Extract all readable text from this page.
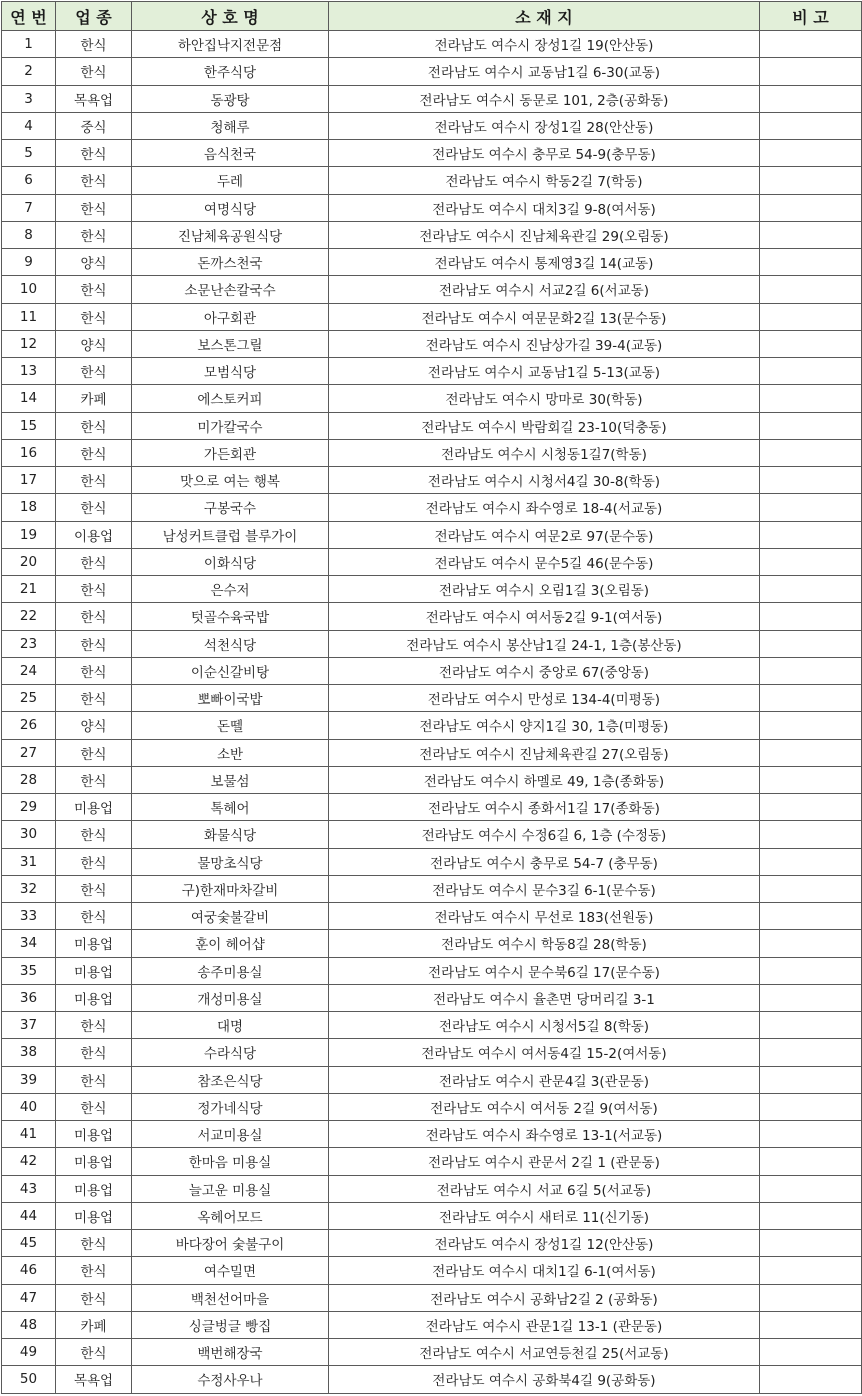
연 번	업 종	상 호 명	소 재 지	비 고
1	한식	하안집낙지전문점	전라남도 여수시 장성1길 19(안산동)	
2	한식	한주식당	전라남도 여수시 교동남1길 6-30(교동)	
3	목욕업	동광탕	전라남도 여수시 동문로 101, 2층(공화동)	
4	중식	청해루	전라남도 여수시 장성1길 28(안산동)	
5	한식	음식천국	전라남도 여수시 충무로 54-9(충무동)	
6	한식	두레	전라남도 여수시 학동2길 7(학동)	
7	한식	여명식당	전라남도 여수시 대치3길 9-8(여서동)	
8	한식	진남체육공원식당	전라남도 여수시 진남체육관길 29(오림동)	
9	양식	돈까스천국	전라남도 여수시 통제영3길 14(교동)	
10	한식	소문난손칼국수	전라남도 여수시 서교2길 6(서교동)	
11	한식	아구회관	전라남도 여수시 여문문화2길 13(문수동)	
12	양식	보스톤그릴	전라남도 여수시 진남상가길 39-4(교동)	
13	한식	모범식당	전라남도 여수시 교동남1길 5-13(교동)	
14	카페	에스토커피	전라남도 여수시 망마로 30(학동)	
15	한식	미가칼국수	전라남도 여수시 박람회길 23-10(덕충동)	
16	한식	가든회관	전라남도 여수시 시청동1길7(학동)	
17	한식	맛으로 여는 행복	전라남도 여수시 시청서4길 30-8(학동)	
18	한식	구봉국수	전라남도 여수시 좌수영로 18-4(서교동)	
19	이용업	남성커트클럽 블루가이	전라남도 여수시 여문2로 97(문수동)	
20	한식	이화식당	전라남도 여수시 문수5길 46(문수동)	
21	한식	은수저	전라남도 여수시 오림1길 3(오림동)	
22	한식	텃골수육국밥	전라남도 여수시 여서동2길 9-1(여서동)	
23	한식	석천식당	전라남도 여수시 봉산남1길 24-1, 1층(봉산동)	
24	한식	이순신갈비탕	전라남도 여수시 중앙로 67(중앙동)	
25	한식	뽀빠이국밥	전라남도 여수시 만성로 134-4(미평동)	
26	양식	돈뗄	전라남도 여수시 양지1길 30, 1층(미평동)	
27	한식	소반	전라남도 여수시 진남체육관길 27(오림동)	
28	한식	보물섬	전라남도 여수시 하멜로 49, 1층(종화동)	
29	미용업	톡헤어	전라남도 여수시 종화서1길 17(종화동)	
30	한식	화물식당	전라남도 여수시 수정6길 6, 1층 (수정동)	
31	한식	물망초식당	전라남도 여수시 충무로 54-7 (충무동)	
32	한식	구)한재마차갈비	전라남도 여수시 문수3길 6-1(문수동)	
33	한식	여궁숯불갈비	전라남도 여수시 무선로 183(선원동)	
34	미용업	훈이 헤어샵	전라남도 여수시 학동8길 28(학동)	
35	미용업	송주미용실	전라남도 여수시 문수북6길 17(문수동)	
36	미용업	개성미용실	전라남도 여수시 율촌면 당머리길 3-1	
37	한식	대명	전라남도 여수시 시청서5길 8(학동)	
38	한식	수라식당	전라남도 여수시 여서동4길 15-2(여서동)	
39	한식	참조은식당	전라남도 여수시 관문4길 3(관문동)	
40	한식	정가네식당	전라남도 여수시 여서동 2길 9(여서동)	
41	미용업	서교미용실	전라남도 여수시 좌수영로 13-1(서교동)	
42	미용업	한마음 미용실	전라남도 여수시 관문서 2길 1 (관문동)	
43	미용업	늘고운 미용실	전라남도 여수시 서교 6길 5(서교동)	
44	미용업	옥헤어모드	전라남도 여수시 새터로 11(신기동)	
45	한식	바다장어 숯불구이	전라남도 여수시 장성1길 12(안산동)	
46	한식	여수밀면	전라남도 여수시 대치1길 6-1(여서동)	
47	한식	백천선어마을	전라남도 여수시 공화남2길 2 (공화동)	
48	카페	싱글벙글 빵집	전라남도 여수시 관문1길 13-1 (관문동)	
49	한식	백번해장국	전라남도 여수시 서교연등천길 25(서교동)	
50	목욕업	수정사우나	전라남도 여수시 공화북4길 9(공화동)	
